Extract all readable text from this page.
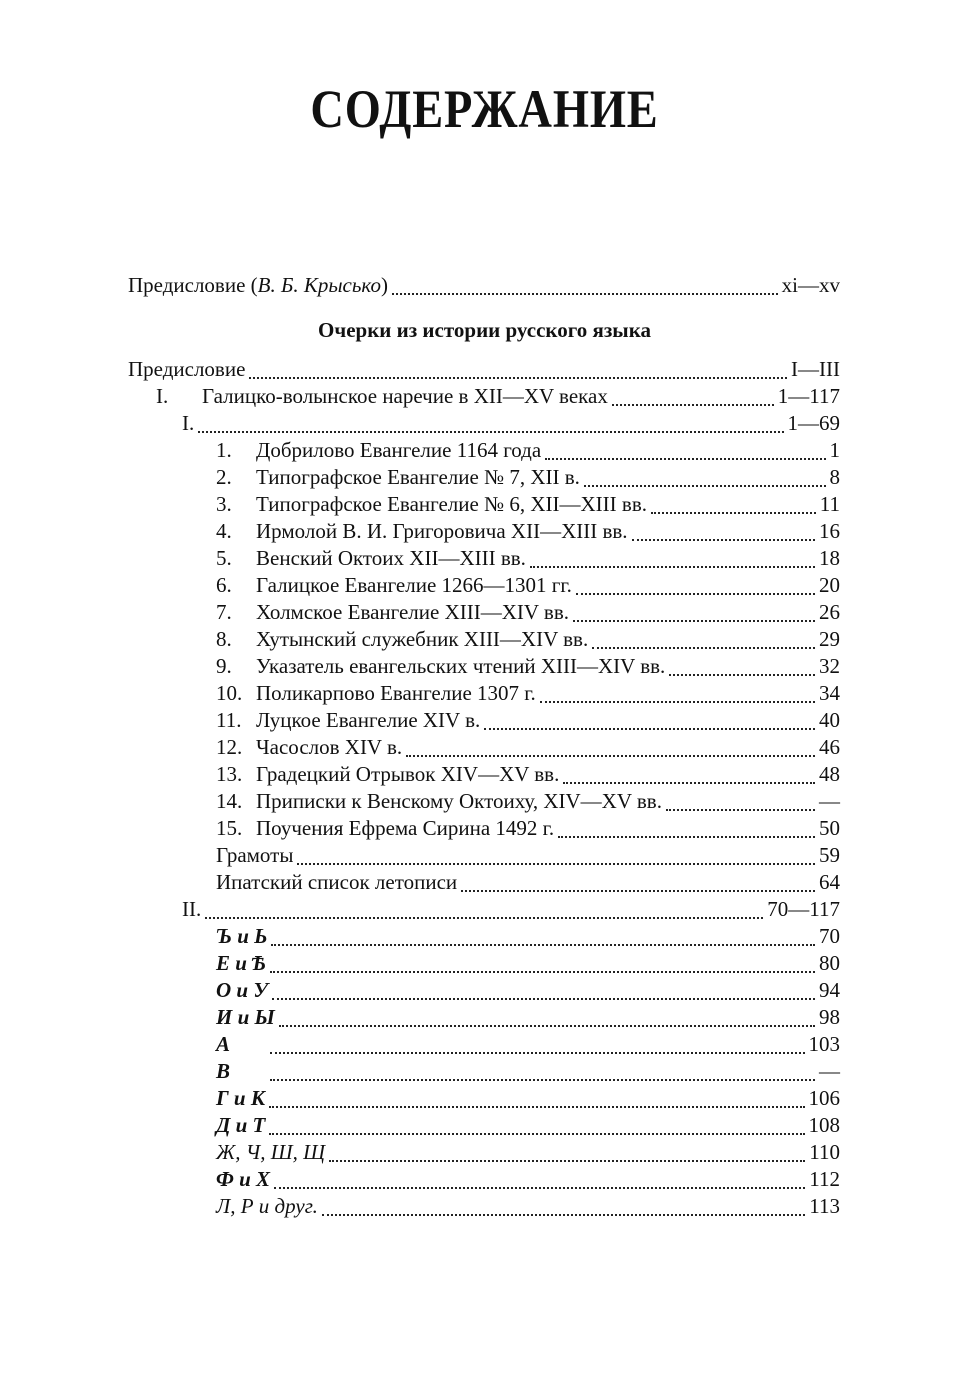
СОДЕРЖАНИЕ
Предисловие (В. Б. Крысько)	xi—xv
Очерки из истории русского языка
Предисловие	I—III
I.	Галицко-волынское наречие в XII—XV веках	1—117
I.	1—69
1.	Добрилово Евангелие 1164 года	1
2.	Типографское Евангелие № 7, XII в.	8
3.	Типографское Евангелие № 6, XII—XIII вв.	11
4.	Ирмолой В. И. Григоровича XII—XIII вв.	16
5.	Венский Октоих XII—XIII вв.	18
6.	Галицкое Евангелие 1266—1301 гг.	20
7.	Холмское Евангелие XIII—XIV вв.	26
8.	Хутынский служебник XIII—XIV вв.	29
9.	Указатель евангельских чтений XIII—XIV вв.	32
10. Поликарпово Евангелие 1307 г.	34
11. Луцкое Евангелие XIV в.	40
12. Часослов XIV в.	46
13. Градецкий Отрывок XIV—XV вв.	48
14. Приписки к Венскому Октоиху, XIV—XV вв.	—
15. Поучения Ефрема Сирина 1492 г.	50
Грамоты	59
Ипатский список летописи	64
II.	70—117
Ъ и Ь	70
Е и Ѣ	80
О и У	94
И и Ы	98
А	103
В	—
Г и К	106
Д и Т	108
Ж, Ч, Ш, Щ	110
Ф и Х	112
Л, Р и друг.	113
